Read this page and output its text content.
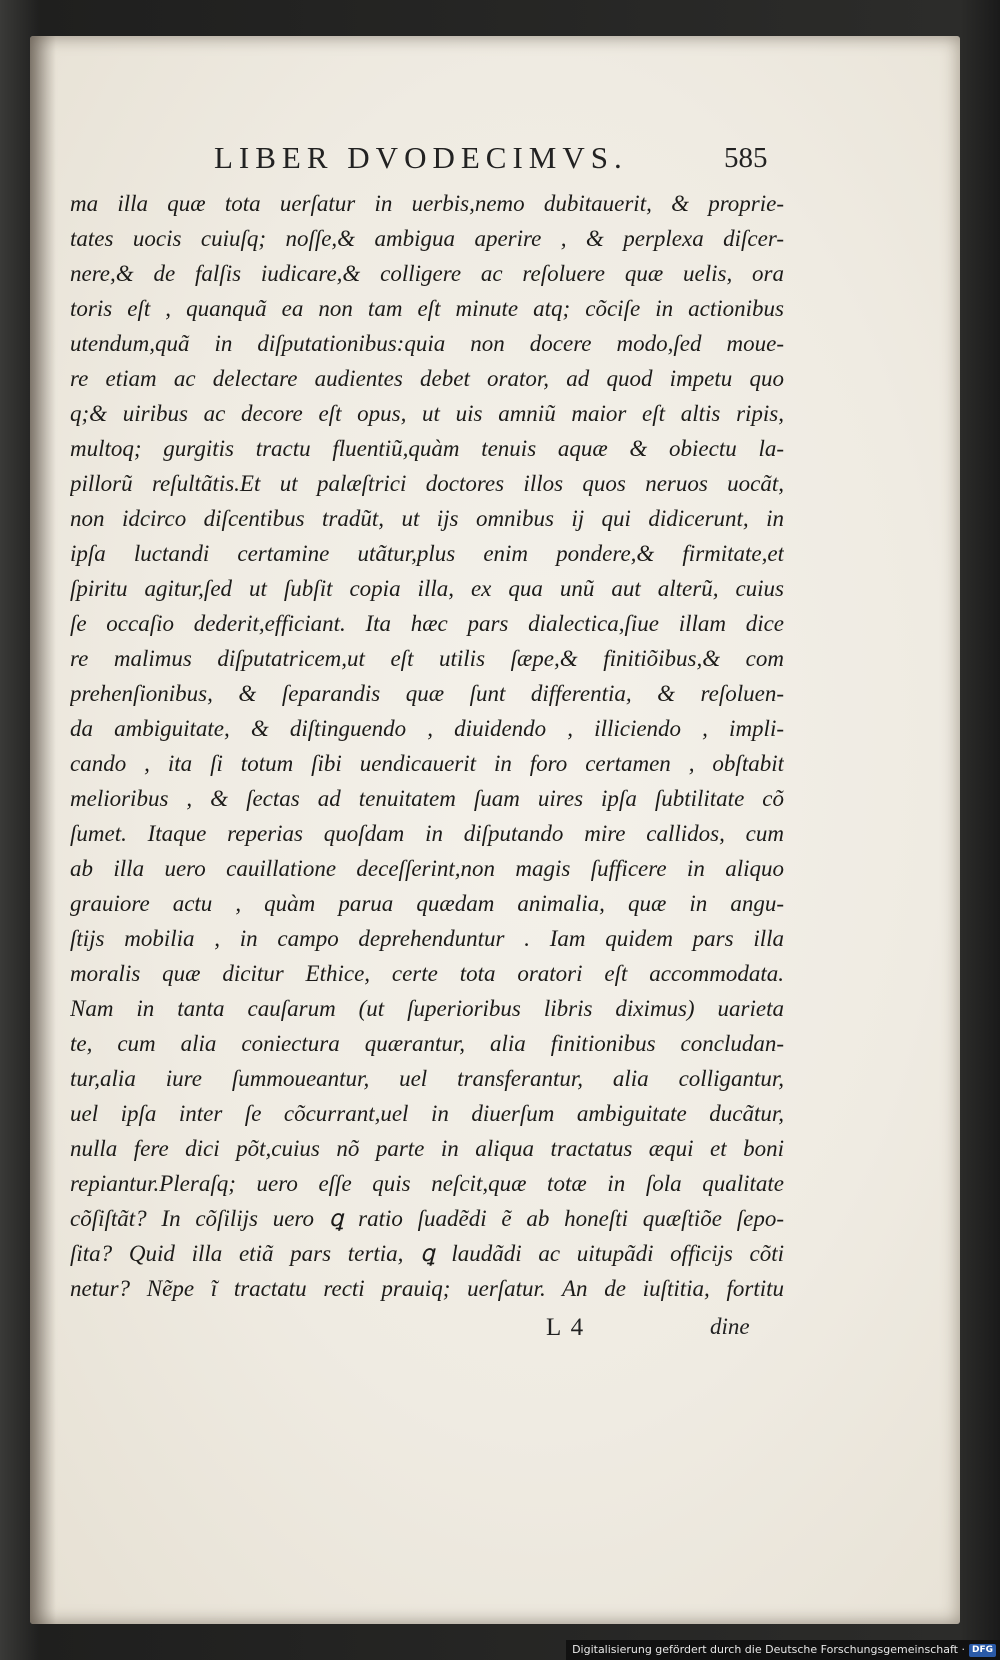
LIBER DVODECIMVS.	585
ma illa quæ tota uerſatur in uerbis,nemo dubitauerit, & proprie-
tates uocis cuiuſq; noſſe,& ambigua aperire , & perplexa diſcer-
nere,& de falſis iudicare,& colligere ac reſoluere quæ uelis, ora
toris eſt , quanquã ea non tam eſt minute atq; cõciſe in actionibus
utendum,quã in diſputationibus:quia non docere modo,ſed moue-
re etiam ac delectare audientes debet orator, ad quod impetu quo
q;& uiribus ac decore eſt opus, ut uis amniũ maior eſt altis ripis,
multoq; gurgitis tractu fluentiũ,quàm tenuis aquæ & obiectu la-
pillorũ reſultãtis.Et ut palæſtrici doctores illos quos neruos uocãt,
non idcirco diſcentibus tradũt, ut ijs omnibus ij qui didicerunt, in
ipſa luctandi certamine utãtur,plus enim pondere,& firmitate,et
ſpiritu agitur,ſed ut ſubſit copia illa, ex qua unũ aut alterũ, cuius
ſe occaſio dederit,efficiant. Ita hæc pars dialectica,ſiue illam dice
re malimus diſputatricem,ut eſt utilis ſæpe,& finitiõibus,& com
prehenſionibus, & ſeparandis quæ ſunt differentia, & reſoluen-
da ambiguitate, & diſtinguendo , diuidendo , illiciendo , impli-
cando , ita ſi totum ſibi uendicauerit in foro certamen , obſtabit
melioribus , & ſectas ad tenuitatem ſuam uires ipſa ſubtilitate cõ
ſumet. Itaque reperias quoſdam in diſputando mire callidos, cum
ab illa uero cauillatione deceſſerint,non magis ſufficere in aliquo
grauiore actu , quàm parua quædam animalia, quæ in angu-
ſtijs mobilia , in campo deprehenduntur . Iam quidem pars illa
moralis quæ dicitur Ethice, certe tota oratori eſt accommodata.
Nam in tanta cauſarum (ut ſuperioribus libris diximus) uarieta
te, cum alia coniectura quærantur, alia finitionibus concludan-
tur,alia iure ſummoueantur, uel transferantur, alia colligantur,
uel ipſa inter ſe cõcurrant,uel in diuerſum ambiguitate ducãtur,
nulla fere dici põt,cuius nõ parte in aliqua tractatus æqui et boni
repiantur.Pleraſq; uero eſſe quis neſcit,quæ totæ in ſola qualitate
cõſiſtãt? In cõſilijs uero ꝗ ratio ſuadẽdi ẽ ab honeſti quæſtiõe ſepo-
ſita? Quid illa etiã pars tertia, ꝗ laudãdi ac uitupãdi officijs cõti
netur? Nẽpe ĩ tractatu recti prauiq; uerſatur. An de iuſtitia, fortitu
L 4	dine
Digitalisierung gefördert durch die Deutsche Forschungsgemeinschaft · DFG
